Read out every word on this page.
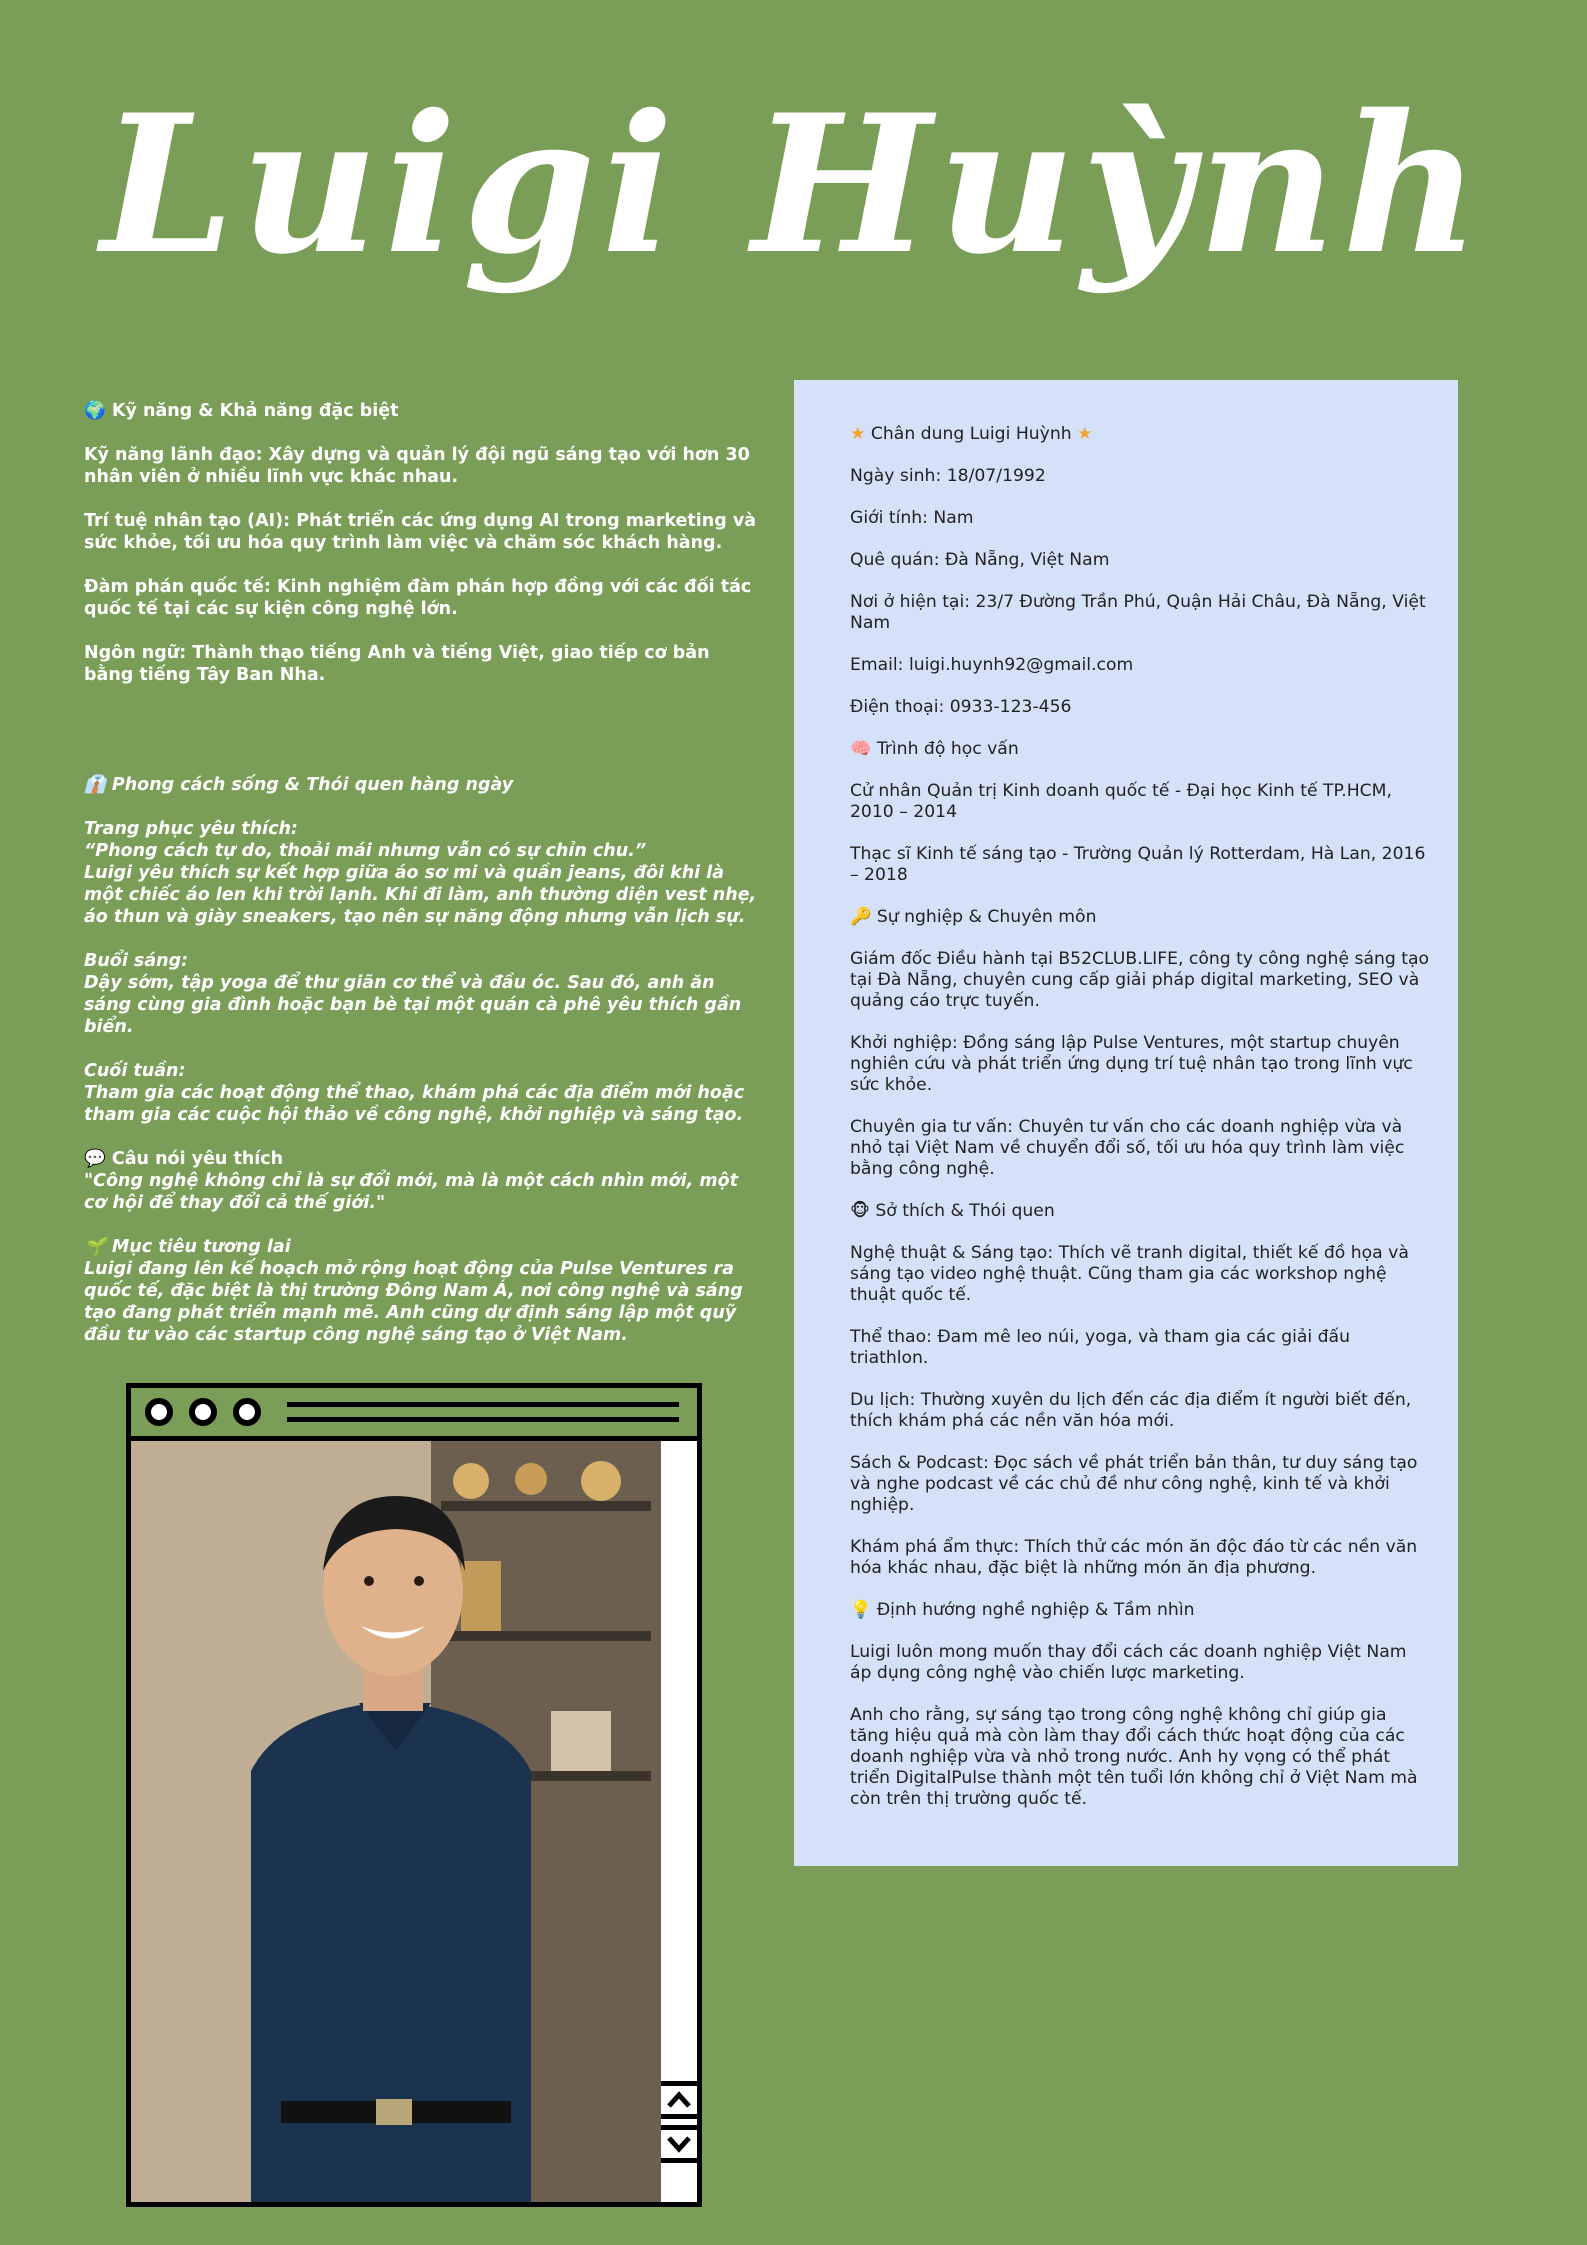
Luigi Huỳnh

🌍 Kỹ năng & Khả năng đặc biệt

Kỹ năng lãnh đạo: Xây dựng và quản lý đội ngũ sáng tạo với hơn 30 nhân viên ở nhiều lĩnh vực khác nhau.

Trí tuệ nhân tạo (AI): Phát triển các ứng dụng AI trong marketing và sức khỏe, tối ưu hóa quy trình làm việc và chăm sóc khách hàng.

Đàm phán quốc tế: Kinh nghiệm đàm phán hợp đồng với các đối tác quốc tế tại các sự kiện công nghệ lớn.

Ngôn ngữ: Thành thạo tiếng Anh và tiếng Việt, giao tiếp cơ bản bằng tiếng Tây Ban Nha.

👔 Phong cách sống & Thói quen hàng ngày

Trang phục yêu thích:
“Phong cách tự do, thoải mái nhưng vẫn có sự chỉn chu.”
Luigi yêu thích sự kết hợp giữa áo sơ mi và quần jeans, đôi khi là một chiếc áo len khi trời lạnh. Khi đi làm, anh thường diện vest nhẹ, áo thun và giày sneakers, tạo nên sự năng động nhưng vẫn lịch sự.

Buổi sáng:
Dậy sớm, tập yoga để thư giãn cơ thể và đầu óc. Sau đó, anh ăn sáng cùng gia đình hoặc bạn bè tại một quán cà phê yêu thích gần biển.

Cuối tuần:
Tham gia các hoạt động thể thao, khám phá các địa điểm mới hoặc tham gia các cuộc hội thảo về công nghệ, khởi nghiệp và sáng tạo.

💬 Câu nói yêu thích
"Công nghệ không chỉ là sự đổi mới, mà là một cách nhìn mới, một cơ hội để thay đổi cả thế giới."

🌱 Mục tiêu tương lai
Luigi đang lên kế hoạch mở rộng hoạt động của Pulse Ventures ra quốc tế, đặc biệt là thị trường Đông Nam Á, nơi công nghệ và sáng tạo đang phát triển mạnh mẽ. Anh cũng dự định sáng lập một quỹ đầu tư vào các startup công nghệ sáng tạo ở Việt Nam.

★ Chân dung Luigi Huỳnh ★

Ngày sinh: 18/07/1992

Giới tính: Nam

Quê quán: Đà Nẵng, Việt Nam

Nơi ở hiện tại: 23/7 Đường Trần Phú, Quận Hải Châu, Đà Nẵng, Việt Nam

Email: luigi.huynh92@gmail.com

Điện thoại: 0933-123-456

🧠 Trình độ học vấn

Cử nhân Quản trị Kinh doanh quốc tế - Đại học Kinh tế TP.HCM, 2010 – 2014

Thạc sĩ Kinh tế sáng tạo - Trường Quản lý Rotterdam, Hà Lan, 2016 – 2018

🔑 Sự nghiệp & Chuyên môn

Giám đốc Điều hành tại B52CLUB.LIFE, công ty công nghệ sáng tạo tại Đà Nẵng, chuyên cung cấp giải pháp digital marketing, SEO và quảng cáo trực tuyến.

Khởi nghiệp: Đồng sáng lập Pulse Ventures, một startup chuyên nghiên cứu và phát triển ứng dụng trí tuệ nhân tạo trong lĩnh vực sức khỏe.

Chuyên gia tư vấn: Chuyên tư vấn cho các doanh nghiệp vừa và nhỏ tại Việt Nam về chuyển đổi số, tối ưu hóa quy trình làm việc bằng công nghệ.

🐵 Sở thích & Thói quen

Nghệ thuật & Sáng tạo: Thích vẽ tranh digital, thiết kế đồ họa và sáng tạo video nghệ thuật. Cũng tham gia các workshop nghệ thuật quốc tế.

Thể thao: Đam mê leo núi, yoga, và tham gia các giải đấu triathlon.

Du lịch: Thường xuyên du lịch đến các địa điểm ít người biết đến, thích khám phá các nền văn hóa mới.

Sách & Podcast: Đọc sách về phát triển bản thân, tư duy sáng tạo và nghe podcast về các chủ đề như công nghệ, kinh tế và khởi nghiệp.

Khám phá ẩm thực: Thích thử các món ăn độc đáo từ các nền văn hóa khác nhau, đặc biệt là những món ăn địa phương.

💡 Định hướng nghề nghiệp & Tầm nhìn

Luigi luôn mong muốn thay đổi cách các doanh nghiệp Việt Nam áp dụng công nghệ vào chiến lược marketing.

Anh cho rằng, sự sáng tạo trong công nghệ không chỉ giúp gia tăng hiệu quả mà còn làm thay đổi cách thức hoạt động của các doanh nghiệp vừa và nhỏ trong nước. Anh hy vọng có thể phát triển DigitalPulse thành một tên tuổi lớn không chỉ ở Việt Nam mà còn trên thị trường quốc tế.
